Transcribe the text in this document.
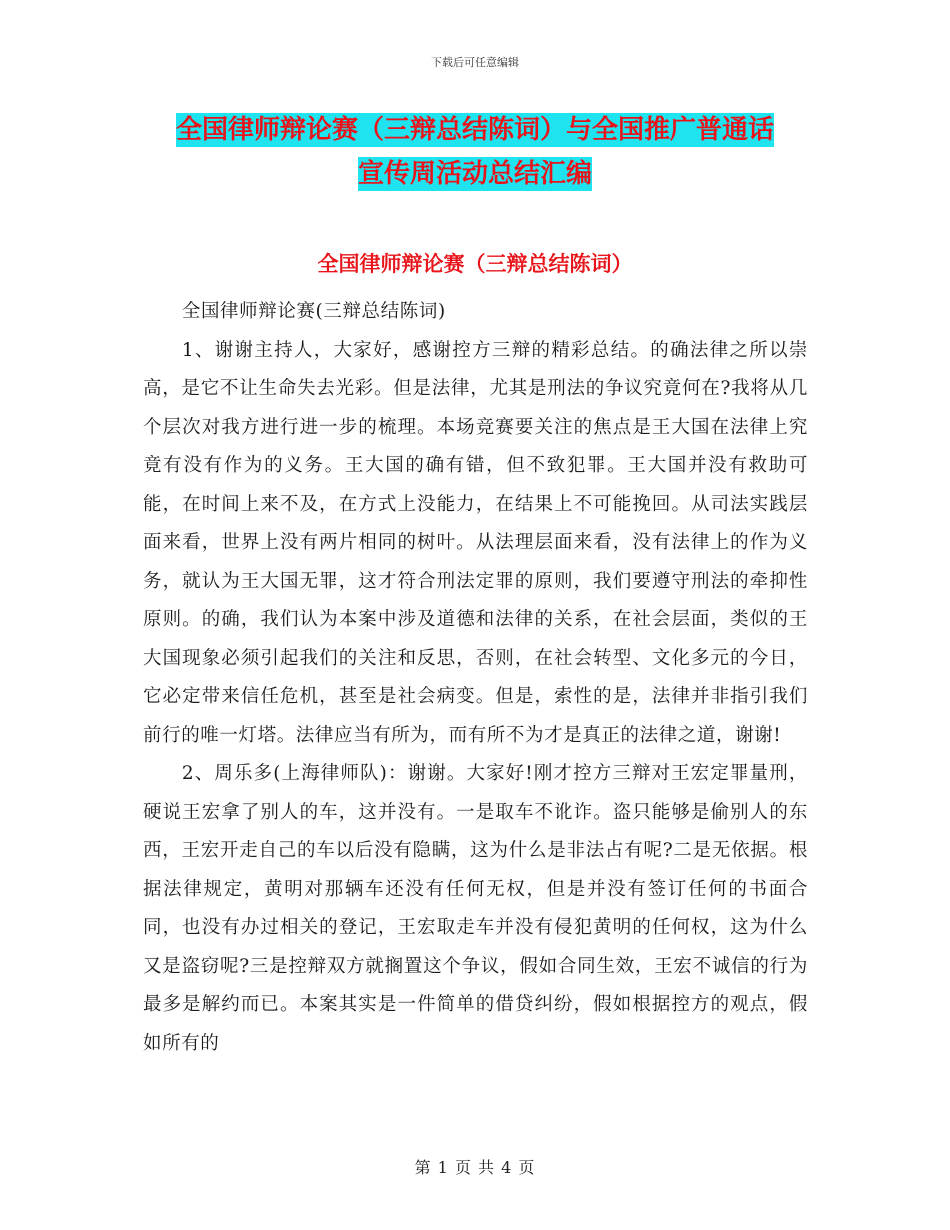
下载后可任意编辑
全国律师辩论赛（三辩总结陈词）与全国推广普通话
宣传周活动总结汇编
全国律师辩论赛（三辩总结陈词）

全国律师辩论赛(三辩总结陈词)

1、谢谢主持人，大家好，感谢控方三辩的精彩总结。的确法律之所以崇高，是它不让生命失去光彩。但是法律，尤其是刑法的争议究竟何在?我将从几个层次对我方进行进一步的梳理。本场竞赛要关注的焦点是王大国在法律上究竟有没有作为的义务。王大国的确有错，但不致犯罪。王大国并没有救助可能，在时间上来不及，在方式上没能力，在结果上不可能挽回。从司法实践层面来看，世界上没有两片相同的树叶。从法理层面来看，没有法律上的作为义务，就认为王大国无罪，这才符合刑法定罪的原则，我们要遵守刑法的牵抑性原则。的确，我们认为本案中涉及道德和法律的关系，在社会层面，类似的王大国现象必须引起我们的关注和反思，否则，在社会转型、文化多元的今日，它必定带来信任危机，甚至是社会病变。但是，索性的是，法律并非指引我们前行的唯一灯塔。法律应当有所为，而有所不为才是真正的法律之道，谢谢!

2、周乐多(上海律师队)：谢谢。大家好!刚才控方三辩对王宏定罪量刑，硬说王宏拿了别人的车，这并没有。一是取车不讹诈。盗只能够是偷别人的东西，王宏开走自己的车以后没有隐瞒，这为什么是非法占有呢?二是无依据。根据法律规定，黄明对那辆车还没有任何无权，但是并没有签订任何的书面合同，也没有办过相关的登记，王宏取走车并没有侵犯黄明的任何权，这为什么又是盗窃呢?三是控辩双方就搁置这个争议，假如合同生效，王宏不诚信的行为最多是解约而已。本案其实是一件简单的借贷纠纷，假如根据控方的观点，假如所有的

第 1 页 共 4 页
